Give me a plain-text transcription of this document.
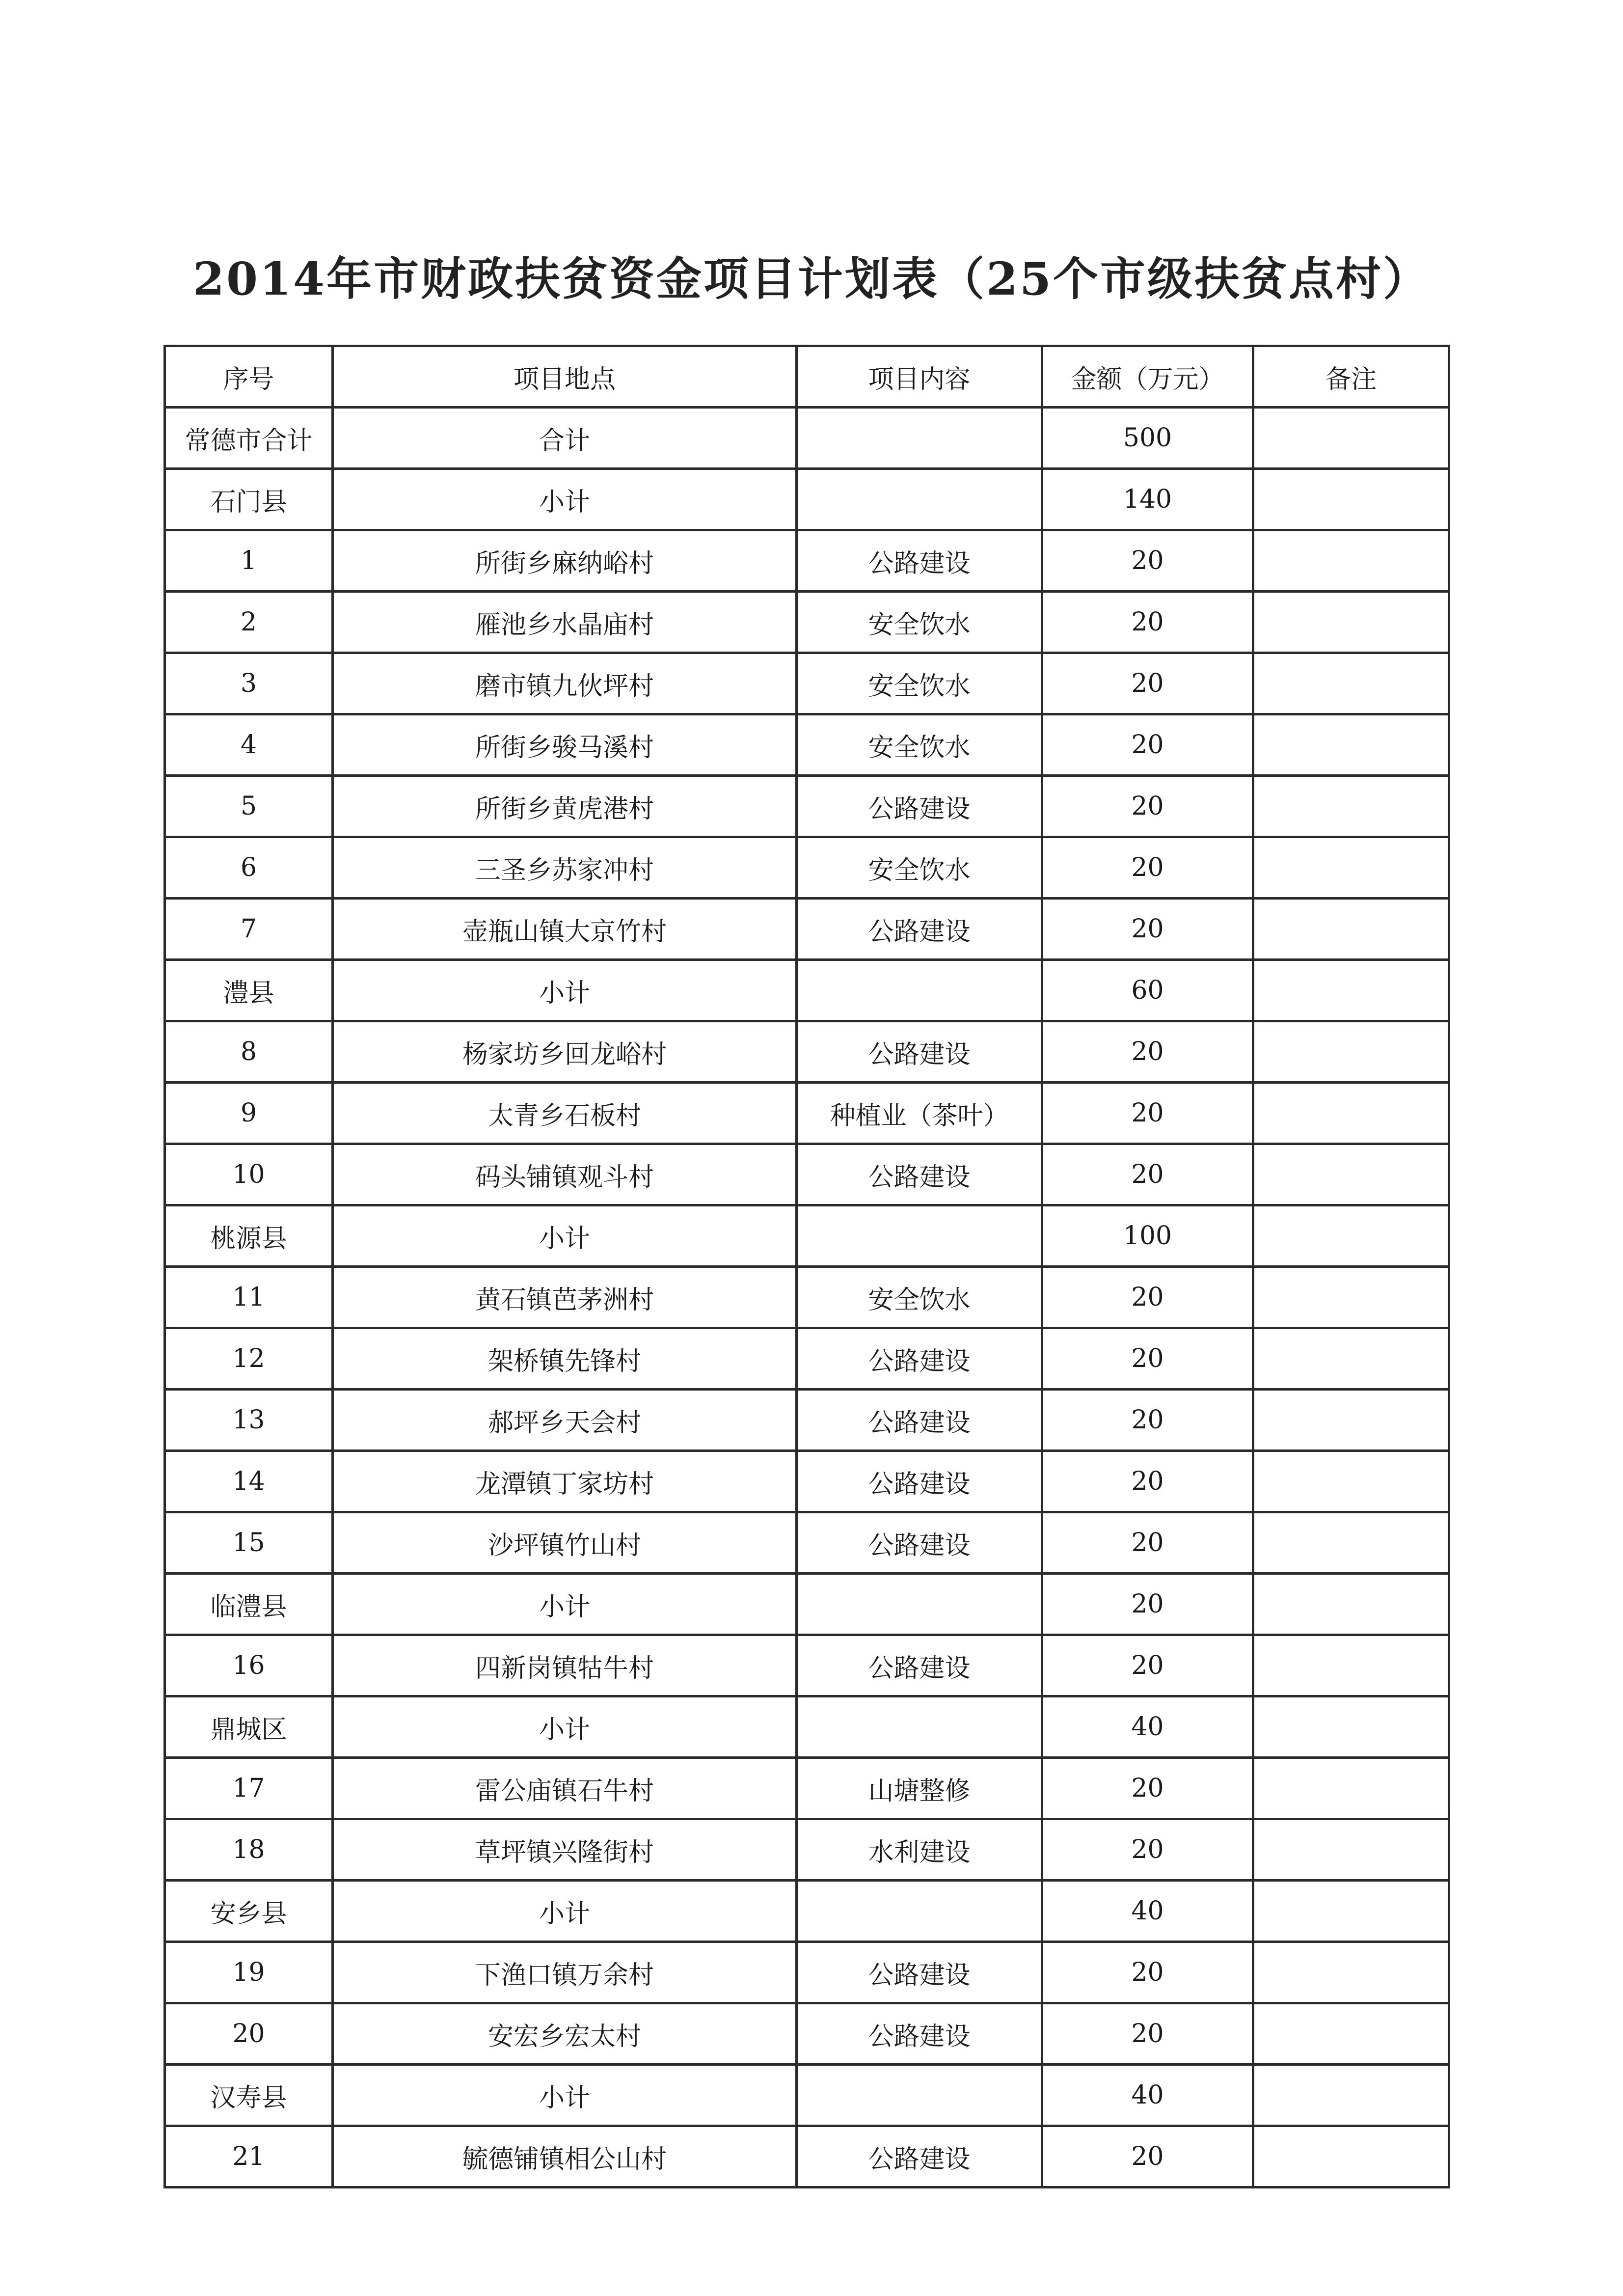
2014年市财政扶贫资金项目计划表（25个市级扶贫点村）
序号	项目地点	项目内容	金额（万元）	备注
常德市合计	合计		500	
石门县	小计		140	
1	所街乡麻纳峪村	公路建设	20	
2	雁池乡水晶庙村	安全饮水	20	
3	磨市镇九伙坪村	安全饮水	20	
4	所街乡骏马溪村	安全饮水	20	
5	所街乡黄虎港村	公路建设	20	
6	三圣乡苏家冲村	安全饮水	20	
7	壶瓶山镇大京竹村	公路建设	20	
澧县	小计		60	
8	杨家坊乡回龙峪村	公路建设	20	
9	太青乡石板村	种植业（茶叶）	20	
10	码头铺镇观斗村	公路建设	20	
桃源县	小计		100	
11	黄石镇芭茅洲村	安全饮水	20	
12	架桥镇先锋村	公路建设	20	
13	郝坪乡天会村	公路建设	20	
14	龙潭镇丁家坊村	公路建设	20	
15	沙坪镇竹山村	公路建设	20	
临澧县	小计		20	
16	四新岗镇牯牛村	公路建设	20	
鼎城区	小计		40	
17	雷公庙镇石牛村	山塘整修	20	
18	草坪镇兴隆街村	水利建设	20	
安乡县	小计		40	
19	下渔口镇万余村	公路建设	20	
20	安宏乡宏太村	公路建设	20	
汉寿县	小计		40	
21	毓德铺镇相公山村	公路建设	20	
